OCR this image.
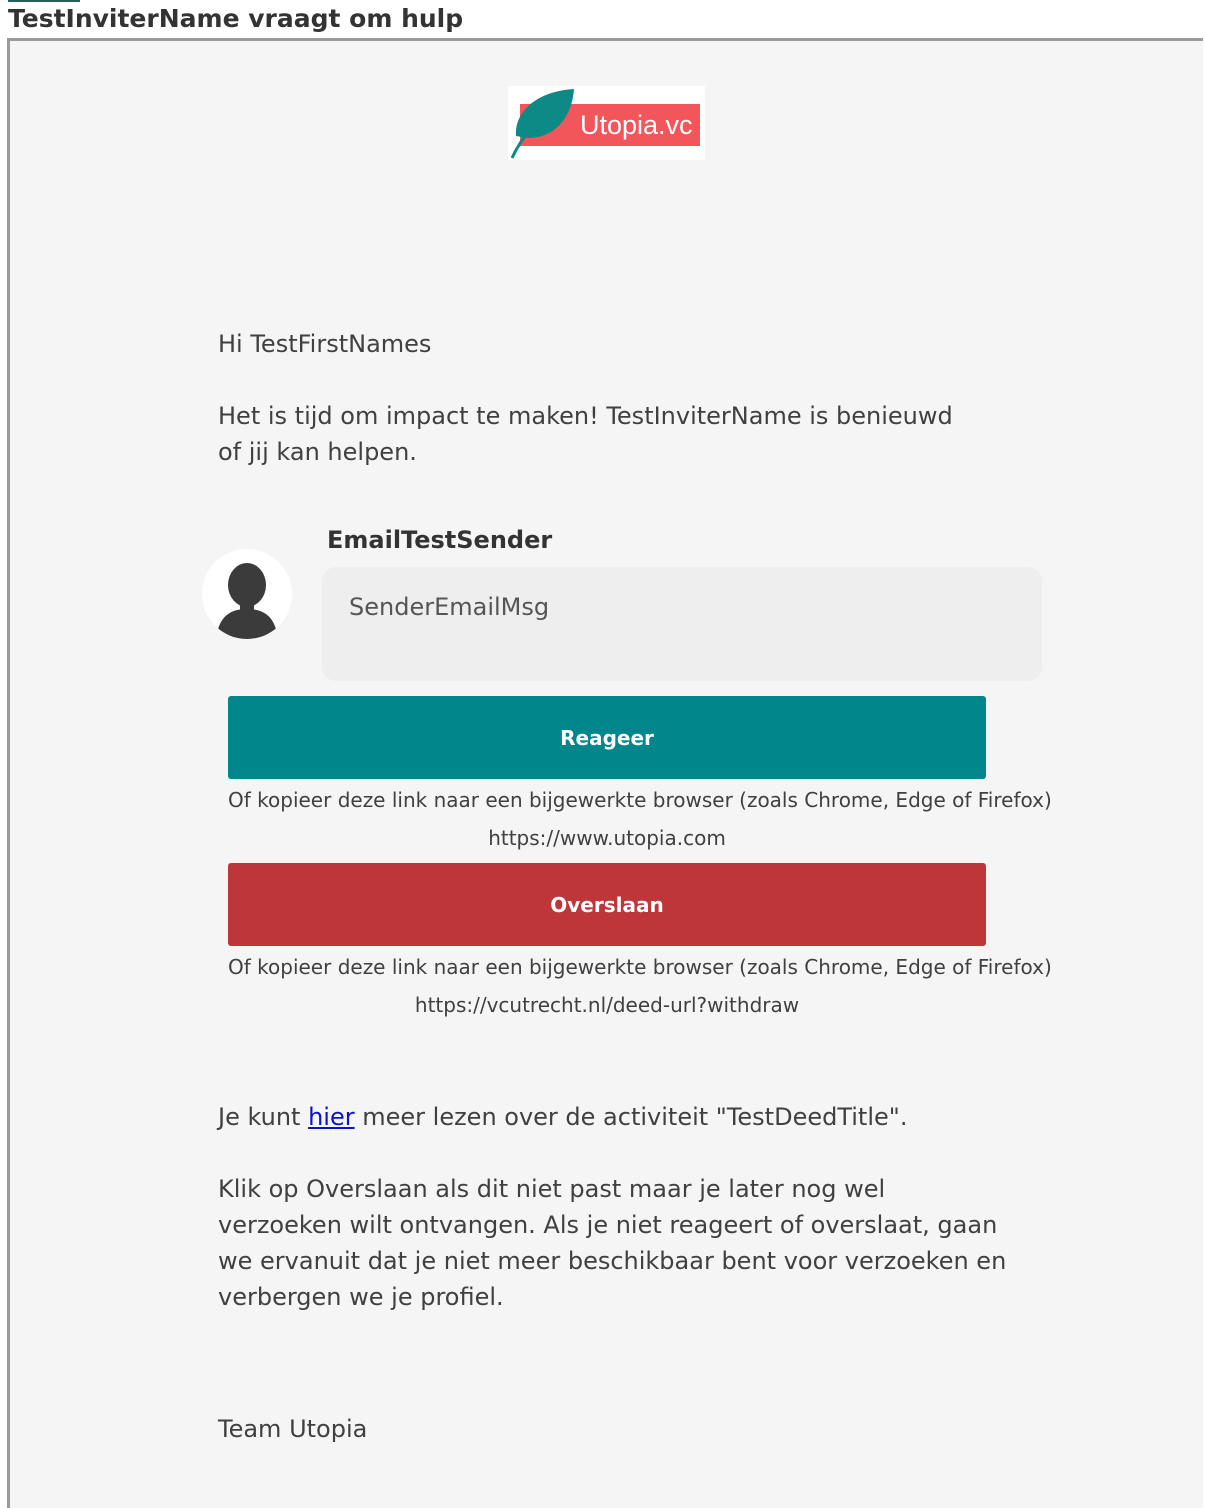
TestInviterName vraagt om hulp
Utopia.vc
Hi TestFirstNames
Het is tijd om impact te maken! TestInviterName is benieuwd of jij kan helpen.
EmailTestSender
SenderEmailMsg
Reageer
Of kopieer deze link naar een bijgewerkte browser (zoals Chrome, Edge of Firefox)
https://www.utopia.com
Overslaan
Of kopieer deze link naar een bijgewerkte browser (zoals Chrome, Edge of Firefox)
https://vcutrecht.nl/deed-url?withdraw
Je kunt hier meer lezen over de activiteit "TestDeedTitle".
Klik op Overslaan als dit niet past maar je later nog wel verzoeken wilt ontvangen. Als je niet reageert of overslaat, gaan we ervanuit dat je niet meer beschikbaar bent voor verzoeken en verbergen we je profiel.
Team Utopia
